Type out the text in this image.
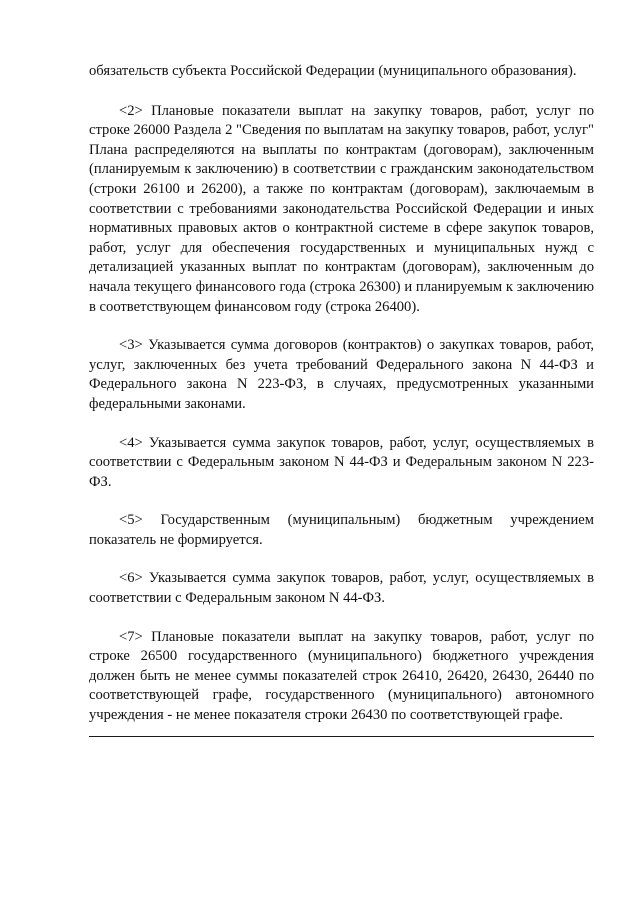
обязательств субъекта Российской Федерации (муниципального образования).

<2> Плановые показатели выплат на закупку товаров, работ, услуг по строке 26000 Раздела 2 "Сведения по выплатам на закупку товаров, работ, услуг" Плана распределяются на выплаты по контрактам (договорам), заключенным (планируемым к заключению) в соответствии с гражданским законодательством (строки 26100 и 26200), а также по контрактам (договорам), заключаемым в соответствии с требованиями законодательства Российской Федерации и иных нормативных правовых актов о контрактной системе в сфере закупок товаров, работ, услуг для обеспечения государственных и муниципальных нужд с детализацией указанных выплат по контрактам (договорам), заключенным до начала текущего финансового года (строка 26300) и планируемым к заключению в соответствующем финансовом году (строка 26400).

<3> Указывается сумма договоров (контрактов) о закупках товаров, работ, услуг, заключенных без учета требований Федерального закона N 44-ФЗ и Федерального закона N 223-ФЗ, в случаях, предусмотренных указанными федеральными законами.

<4> Указывается сумма закупок товаров, работ, услуг, осуществляемых в соответствии с Федеральным законом N 44-ФЗ и Федеральным законом N 223-ФЗ.

<5> Государственным (муниципальным) бюджетным учреждением показатель не формируется.

<6> Указывается сумма закупок товаров, работ, услуг, осуществляемых в соответствии с Федеральным законом N 44-ФЗ.

<7> Плановые показатели выплат на закупку товаров, работ, услуг по строке 26500 государственного (муниципального) бюджетного учреждения должен быть не менее суммы показателей строк 26410, 26420, 26430, 26440 по соответствующей графе, государственного (муниципального) автономного учреждения - не менее показателя строки 26430 по соответствующей графе.
